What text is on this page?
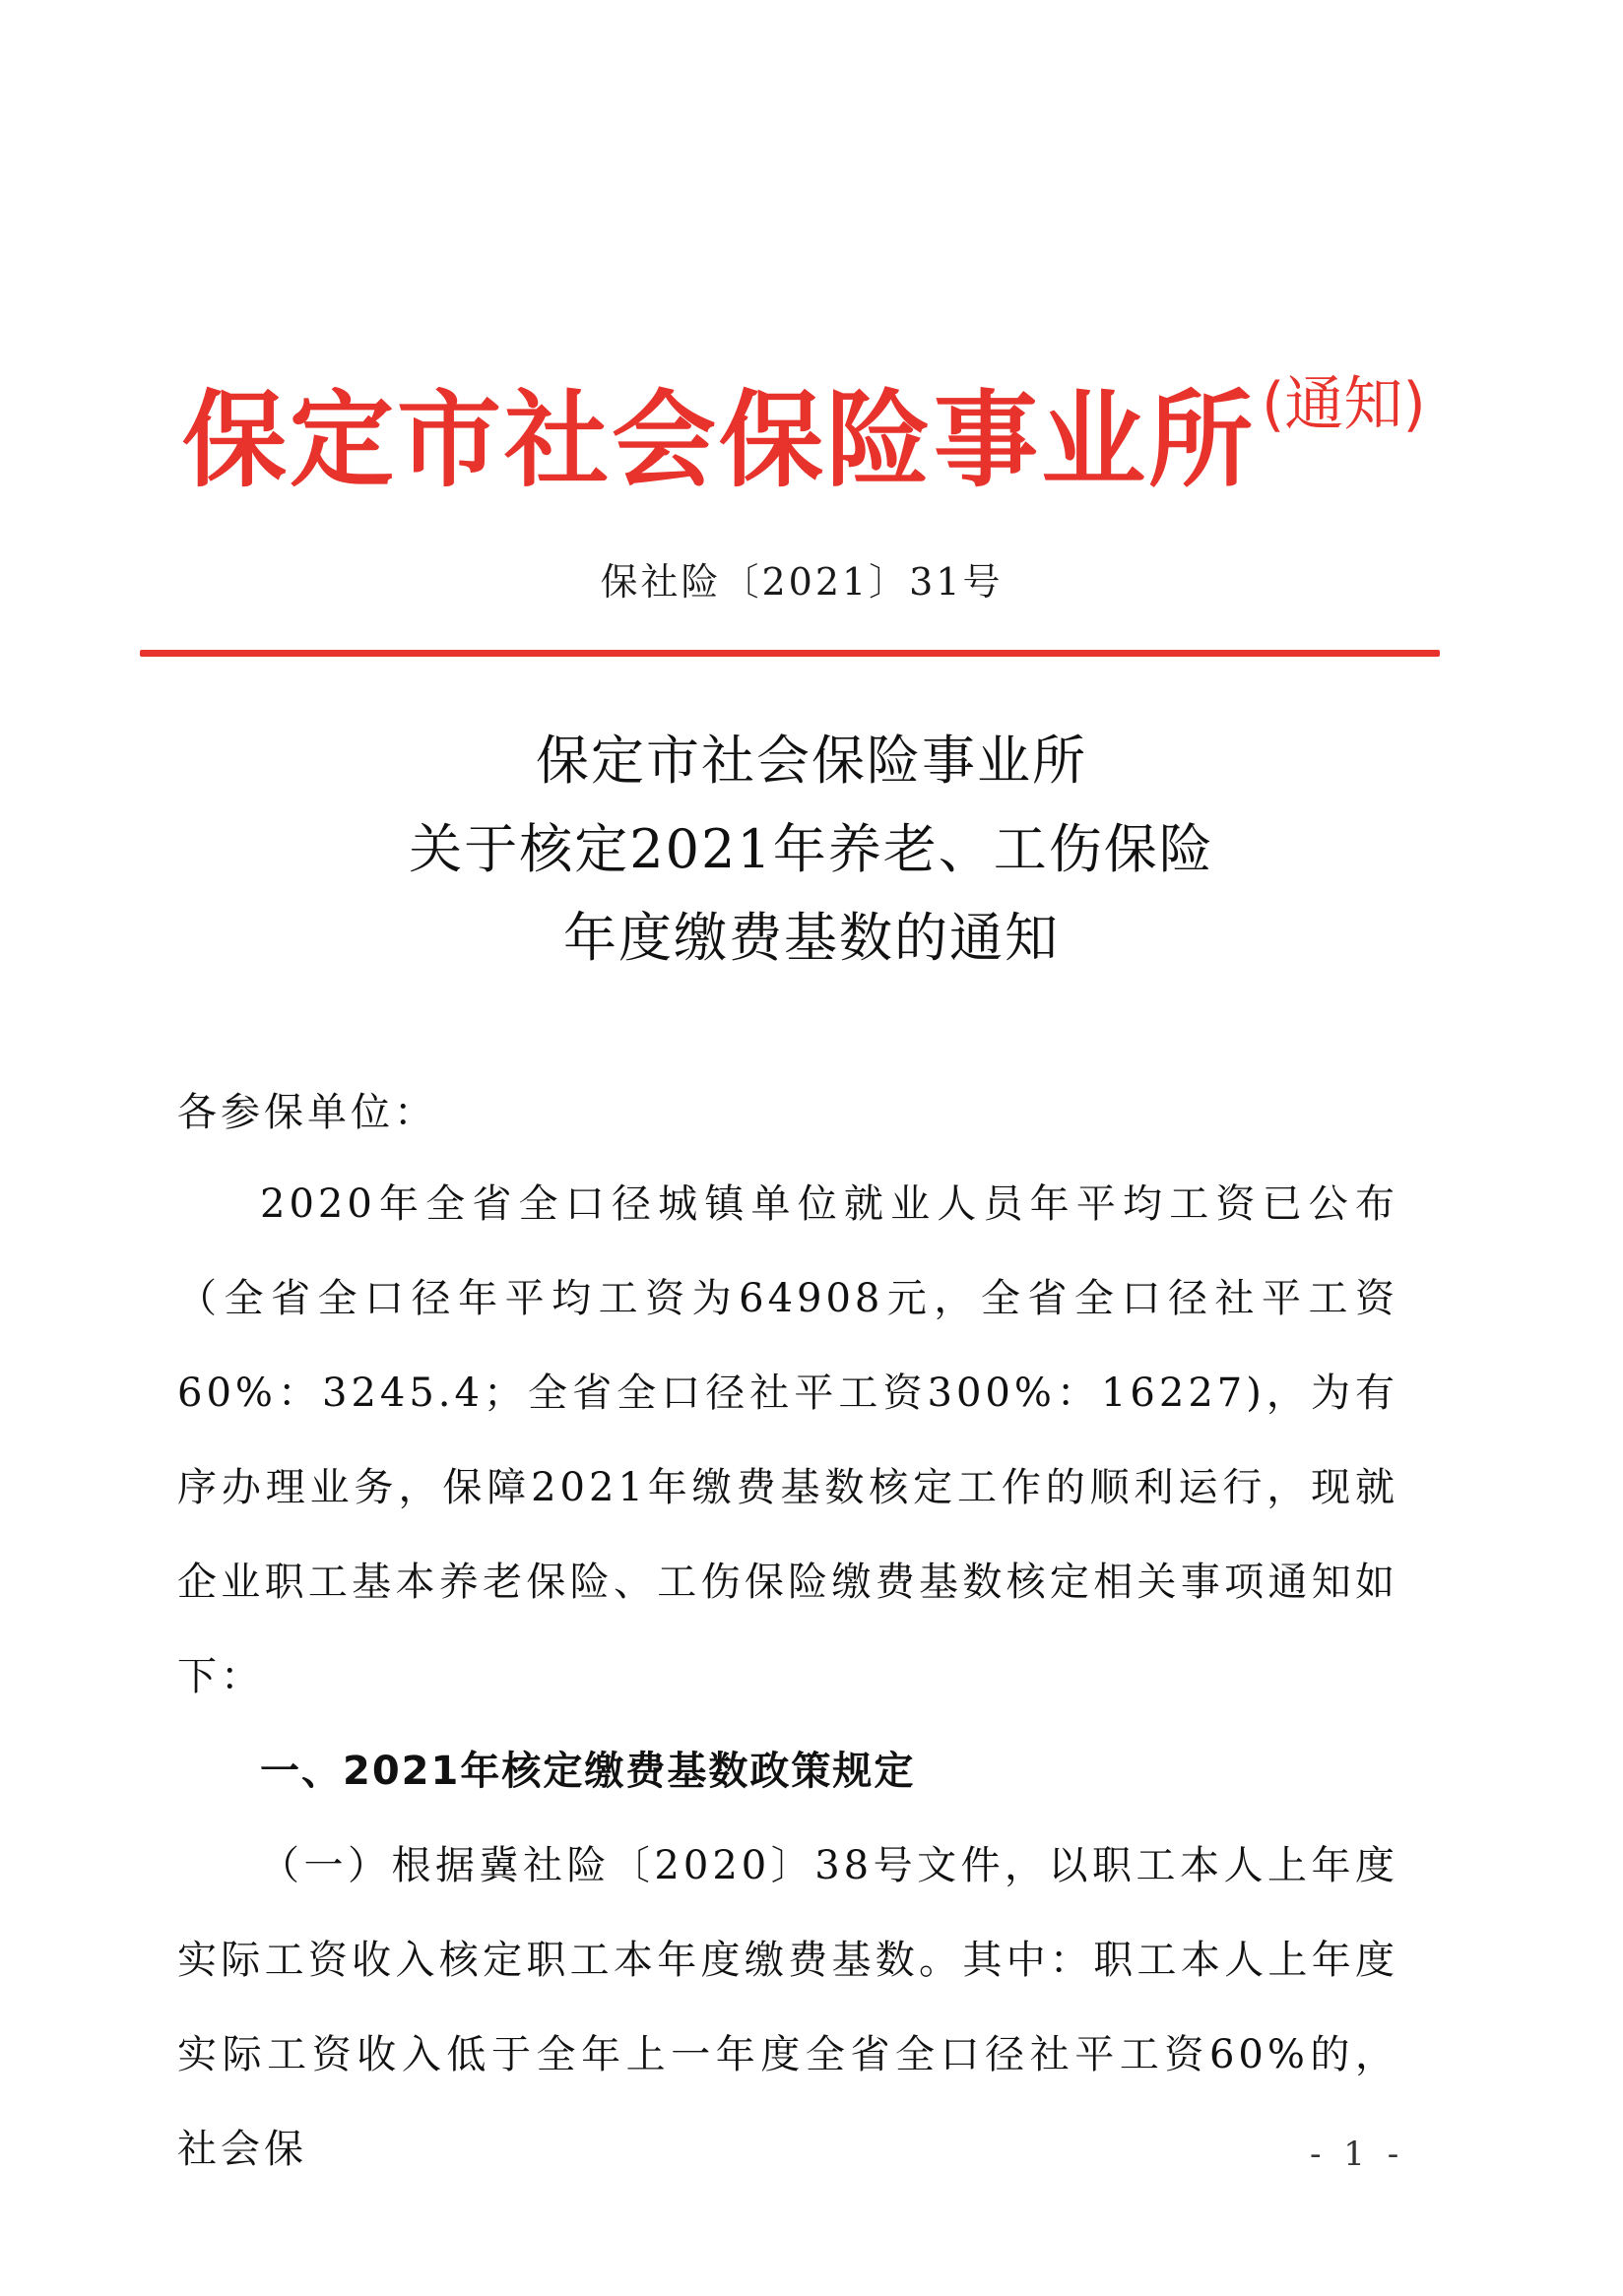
保定市社会保险事业所 (通知)
保社险〔2021〕31号
保定市社会保险事业所
关于核定2021年养老、工伤保险
年度缴费基数的通知

各参保单位：

2020年全省全口径城镇单位就业人员年平均工资已公布（全省全口径年平均工资为64908元，全省全口径社平工资60%：3245.4；全省全口径社平工资300%：16227)，为有序办理业务，保障2021年缴费基数核定工作的顺利运行，现就企业职工基本养老保险、工伤保险缴费基数核定相关事项通知如下：

一、2021年核定缴费基数政策规定

（一）根据冀社险〔2020〕38号文件，以职工本人上年度实际工资收入核定职工本年度缴费基数。其中：职工本人上年度实际工资收入低于全年上一年度全省全口径社平工资60%的，社会保	- 1 -
